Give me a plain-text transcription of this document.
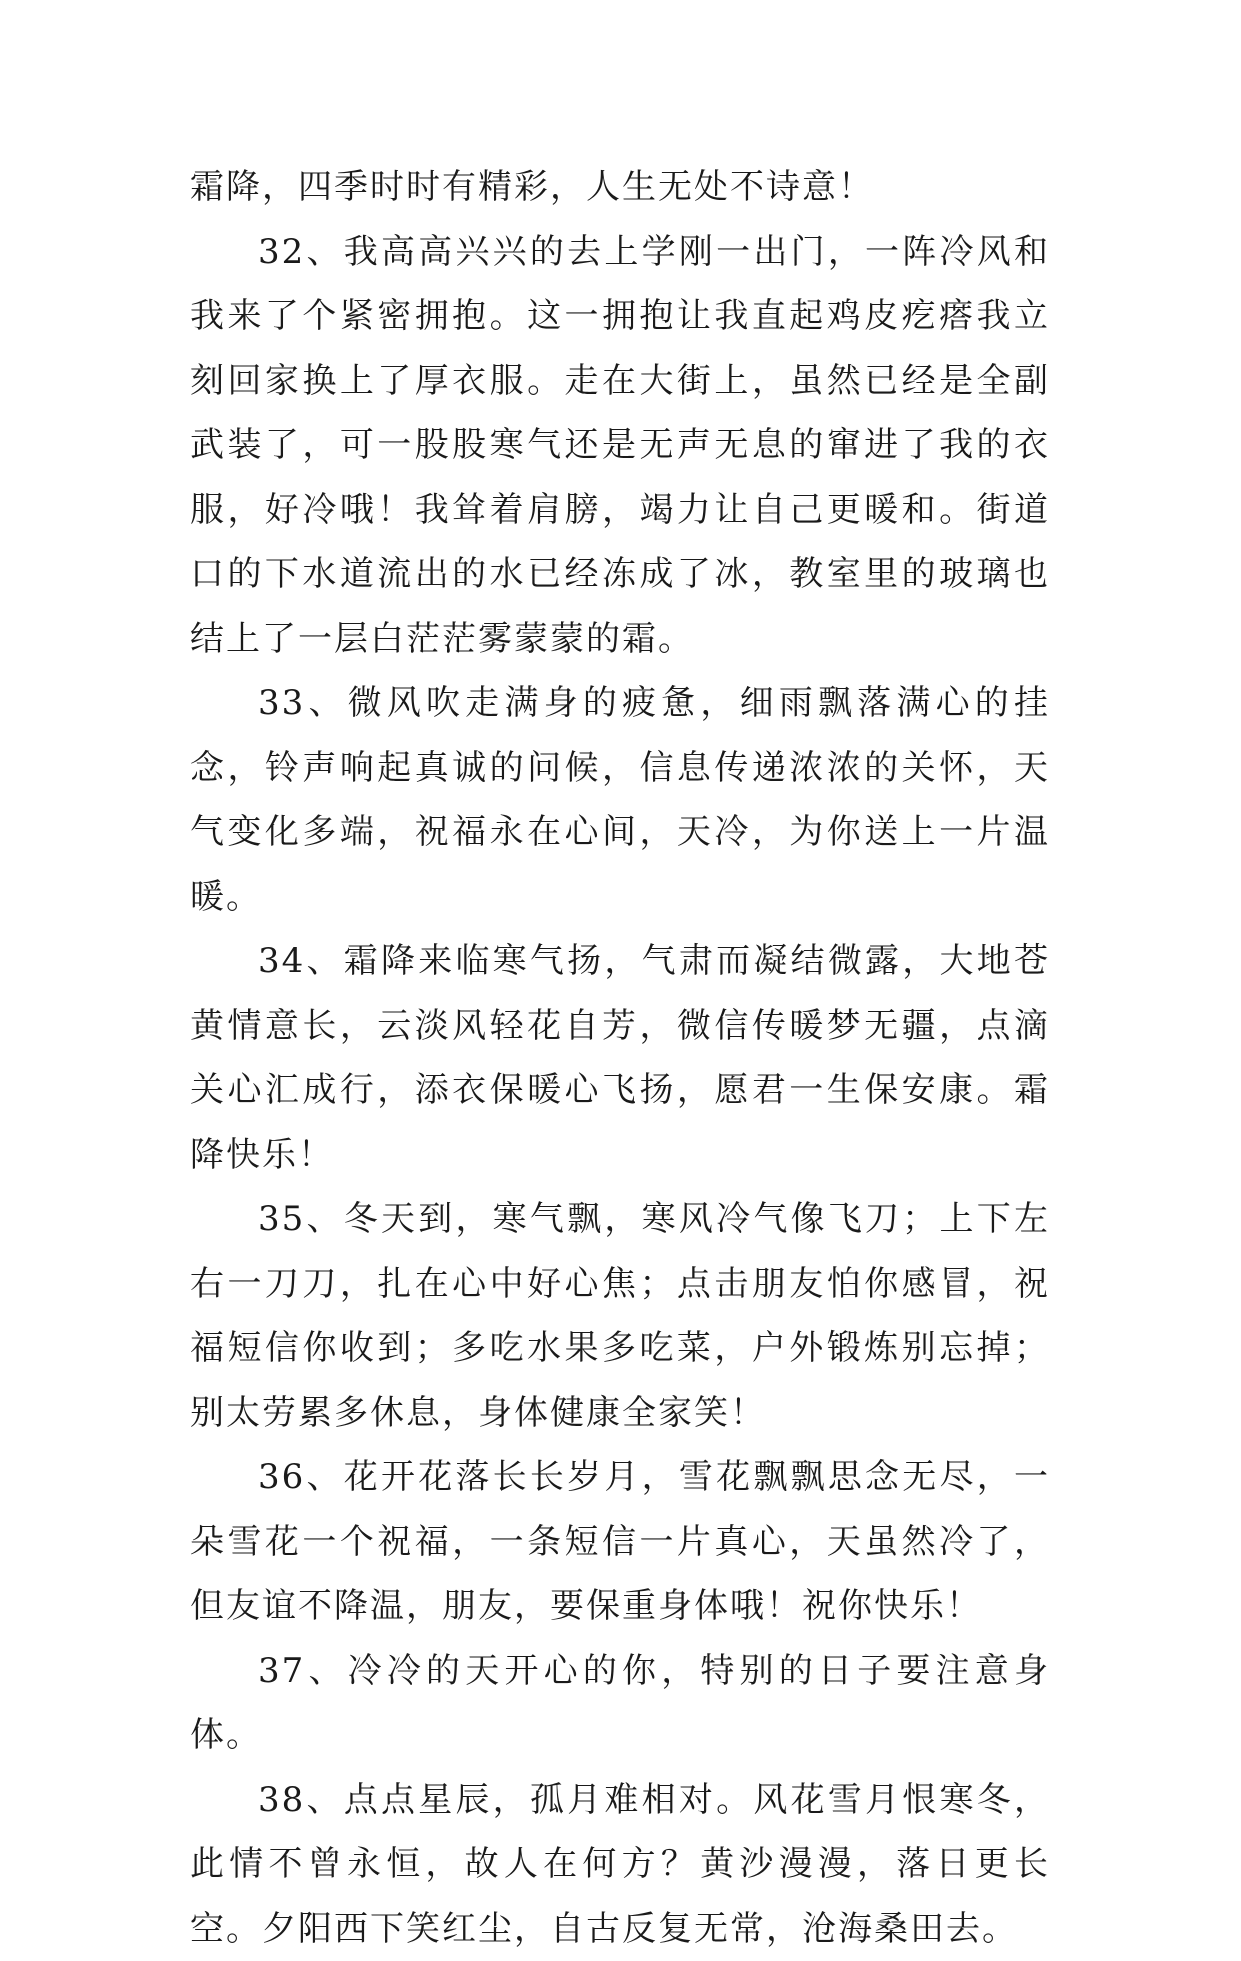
霜降，四季时时有精彩，人生无处不诗意！

32、我高高兴兴的去上学刚一出门，一阵冷风和我来了个紧密拥抱。这一拥抱让我直起鸡皮疙瘩我立刻回家换上了厚衣服。走在大街上，虽然已经是全副武装了，可一股股寒气还是无声无息的窜进了我的衣服，好冷哦！我耸着肩膀，竭力让自己更暖和。街道口的下水道流出的水已经冻成了冰，教室里的玻璃也结上了一层白茫茫雾蒙蒙的霜。

33、微风吹走满身的疲惫，细雨飘落满心的挂念，铃声响起真诚的问候，信息传递浓浓的关怀，天气变化多端，祝福永在心间，天冷，为你送上一片温暖。

34、霜降来临寒气扬，气肃而凝结微露，大地苍黄情意长，云淡风轻花自芳，微信传暖梦无疆，点滴关心汇成行，添衣保暖心飞扬，愿君一生保安康。霜降快乐！

35、冬天到，寒气飘，寒风冷气像飞刀；上下左右一刀刀，扎在心中好心焦；点击朋友怕你感冒，祝福短信你收到；多吃水果多吃菜，户外锻炼别忘掉；别太劳累多休息，身体健康全家笑！

36、花开花落长长岁月，雪花飘飘思念无尽，一朵雪花一个祝福，一条短信一片真心，天虽然冷了，但友谊不降温，朋友，要保重身体哦！祝你快乐！

37、冷冷的天开心的你，特别的日子要注意身体。

38、点点星辰，孤月难相对。风花雪月恨寒冬，此情不曾永恒，故人在何方？黄沙漫漫，落日更长空。夕阳西下笑红尘，自古反复无常，沧海桑田去。
